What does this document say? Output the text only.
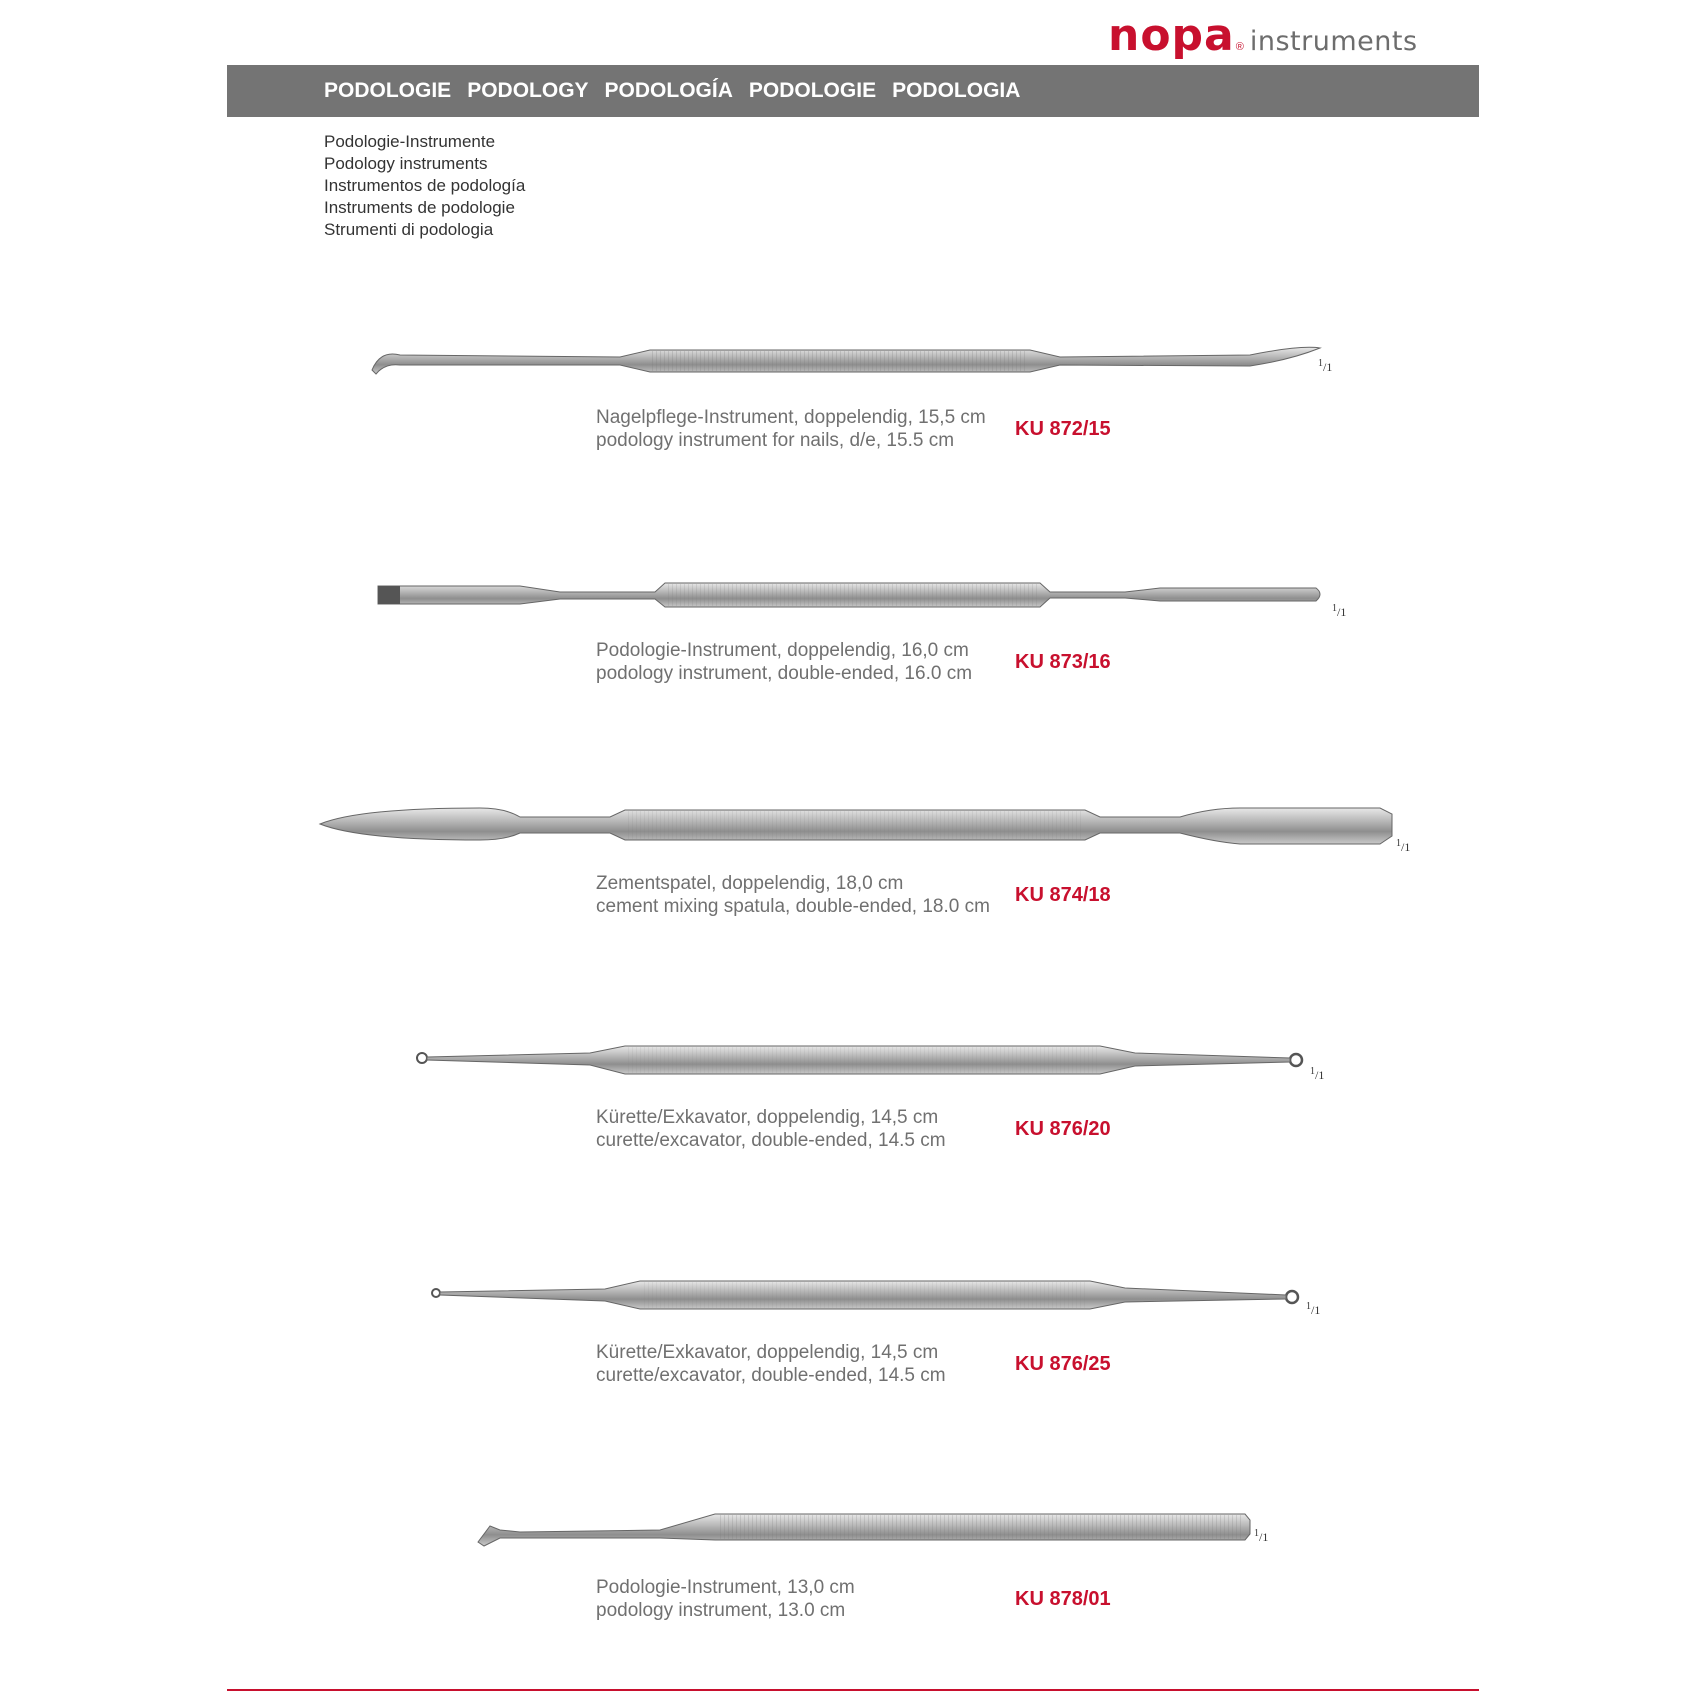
nopa ® instruments
PODOLOGIE PODOLOGY PODOLOGÍA PODOLOGIE PODOLOGIA
Podologie-Instrumente
Podology instruments
Instrumentos de podología
Instruments de podologie
Strumenti di podologia
$^1$/1
Nagelpflege-Instrument, doppelendig, 15,5 cm
podology instrument for nails, d/e, 15.5 cm
KU 872/15
$^1$/1
Podologie-Instrument, doppelendig, 16,0 cm
podology instrument, double-ended, 16.0 cm
KU 873/16
$^1$/1
Zementspatel, doppelendig, 18,0 cm
cement mixing spatula, double-ended, 18.0 cm
KU 874/18
$^1$/1
Kürette/Exkavator, doppelendig, 14,5 cm
curette/excavator, double-ended, 14.5 cm
KU 876/20
$^1$/1
Kürette/Exkavator, doppelendig, 14,5 cm
curette/excavator, double-ended, 14.5 cm
KU 876/25
$^1$/1
Podologie-Instrument, 13,0 cm
podology instrument, 13.0 cm
KU 878/01
